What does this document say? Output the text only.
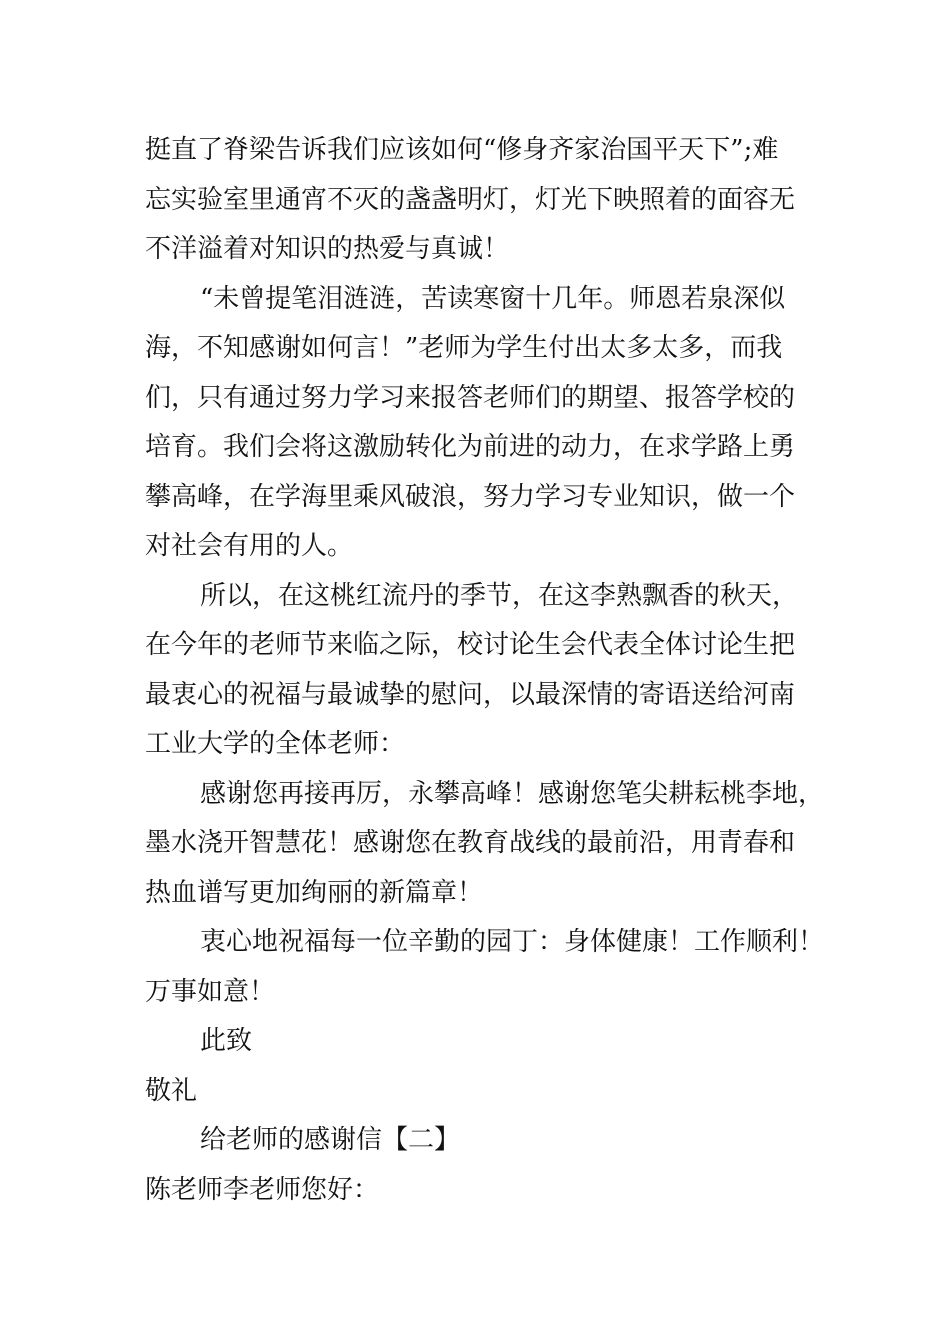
挺直了脊梁告诉我们应该如何“修身齐家治国平天下”;难
忘实验室里通宵不灭的盏盏明灯，灯光下映照着的面容无
不洋溢着对知识的热爱与真诚！
“未曾提笔泪涟涟，苦读寒窗十几年。师恩若泉深似
海，不知感谢如何言！”老师为学生付出太多太多，而我
们，只有通过努力学习来报答老师们的期望、报答学校的
培育。我们会将这激励转化为前进的动力，在求学路上勇
攀高峰，在学海里乘风破浪，努力学习专业知识，做一个
对社会有用的人。
所以，在这桃红流丹的季节，在这李熟飘香的秋天，
在今年的老师节来临之际，校讨论生会代表全体讨论生把
最衷心的祝福与最诚挚的慰问，以最深情的寄语送给河南
工业大学的全体老师：
感谢您再接再厉，永攀高峰！感谢您笔尖耕耘桃李地，
墨水浇开智慧花！感谢您在教育战线的最前沿，用青春和
热血谱写更加绚丽的新篇章！
衷心地祝福每一位辛勤的园丁：身体健康！工作顺利！
万事如意！
此致
敬礼
给老师的感谢信【二】
陈老师李老师您好：
